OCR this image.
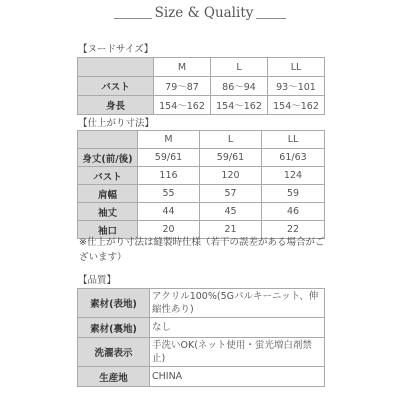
Size & Quality
【ヌードサイズ】
	M	L	LL
バスト	79〜87	86〜94	93〜101
身長	154〜162	154〜162	154〜162
【仕上がり寸法】
	M	L	LL
身丈(前/後)	59/61	59/61	61/63
バスト	116	120	124
肩幅	55	57	59
袖丈	44	45	46
袖口	20	21	22
※仕上がり寸法は縫製時仕様（若干の誤差がある場合がございます）
【品質】
素材(表地)	アクリル100%(5Gパルキーニット、伸縮性あり)
素材(裏地)	なし
洗濯表示	手洗いOK(ネット使用・蛍光増白剤禁止)
生産地	CHINA
